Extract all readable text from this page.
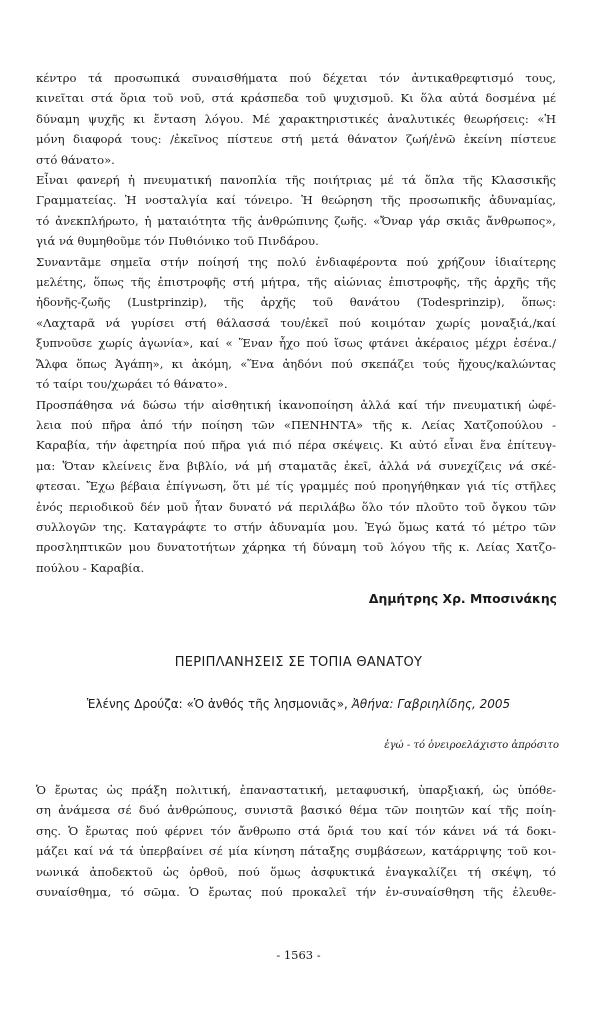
κέντρο τά προσωπικά συναισθήματα πού δέχεται τόν ἀντικαθρεφτισμό τους,
κινεῖται στά ὅρια τοῦ νοῦ, στά κράσπεδα τοῦ ψυχισμοῦ. Κι ὅλα αὐτά δοσμένα μέ
δύναμη ψυχῆς κι ἔνταση λόγου. Μέ χαρακτηριστικές ἀναλυτικές θεωρήσεις: «Ἡ
μόνη διαφορά τους: /ἐκεῖνος πίστευε στή μετά θάνατον ζωή/ἐνῶ ἐκείνη πίστευε
στό θάνατο».
Εἶναι φανερή ἡ πνευματική πανοπλία τῆς ποιήτριας μέ τά ὅπλα τῆς Κλασσικῆς
Γραμματείας. Ἡ νοσταλγία καί τόνειρο. Ἡ θεώρηση τῆς προσωπικῆς ἀδυναμίας,
τό ἀνεκπλήρωτο, ἡ ματαιότητα τῆς ἀνθρώπινης ζωῆς. «Ὄναρ γάρ σκιᾶς ἄνθρωπος»,
γιά νά θυμηθοῦμε τόν Πυθιόνικο τοῦ Πινδάρου.
Συναντᾶμε σημεῖα στήν ποίησή της πολύ ἐνδιαφέροντα πού χρήζουν ἰδιαίτερης
μελέτης, ὅπως τῆς ἐπιστροφῆς στή μήτρα, τῆς αἰώνιας ἐπιστροφῆς, τῆς ἀρχῆς τῆς
ἡδονῆς-ζωῆς (Lustprinzip), τῆς ἀρχῆς τοῦ θανάτου (Todesprinzip), ὅπως:
«Λαχταρᾶ νά γυρίσει στή θάλασσά του/ἐκεῖ πού κοιμόταν χωρίς μοναξιά,/καί
ξυπνοῦσε χωρίς ἀγωνία», καί « Ἕναν ἦχο πού ἴσως φτάνει ἀκέραιος μέχρι ἐσένα./
Ἄλφα ὅπως Ἀγάπη», κι ἀκόμη, «Ἕνα ἀηδόνι πού σκεπάζει τούς ἤχους/καλώντας
τό ταίρι του/χωράει τό θάνατο».
Προσπάθησα νά δώσω τήν αἰσθητική ἱκανοποίηση ἀλλά καί τήν πνευματική ὠφέ-
λεια πού πῆρα ἀπό τήν ποίηση τῶν «ΠΕΝΗΝΤΑ» τῆς κ. Λείας Χατζοπούλου -
Καραβία, τήν ἀφετηρία πού πῆρα γιά πιό πέρα σκέψεις. Κι αὐτό εἶναι ἕνα ἐπίτευγ-
μα: Ὅταν κλείνεις ἕνα βιβλίο, νά μή σταματᾶς ἐκεῖ, ἀλλά νά συνεχίζεις νά σκέ-
φτεσαι. Ἔχω βέβαια ἐπίγνωση, ὅτι μέ τίς γραμμές πού προηγήθηκαν γιά τίς στῆλες
ἑνός περιοδικοῦ δέν μοῦ ἦταν δυνατό νά περιλάβω ὅλο τόν πλοῦτο τοῦ ὄγκου τῶν
συλλογῶν της. Καταγράφτε το στήν ἀδυναμία μου. Ἐγώ ὅμως κατά τό μέτρο τῶν
προσληπτικῶν μου δυνατοτήτων χάρηκα τή δύναμη τοῦ λόγου τῆς κ. Λείας Χατζο-
πούλου - Καραβία.
Δημήτρης Χρ. Μποσινάκης
ΠΕΡΙΠΛΑΝΗΣΕΙΣ ΣΕ ΤΟΠΙΑ ΘΑΝΑΤΟΥ
Ἑλένης Δρούζα: «Ὁ ἀνθός τῆς λησμονιᾶς», Ἀθήνα: Γαβριηλίδης, 2005
ἐγώ - τό ὀνειροελάχιστο ἀπρόσιτο
Ὁ ἔρωτας ὡς πράξη πολιτική, ἐπαναστατική, μεταφυσική, ὑπαρξιακή, ὡς ὑπόθε-
ση ἀνάμεσα σέ δυό ἀνθρώπους, συνιστᾶ βασικό θέμα τῶν ποιητῶν καί τῆς ποίη-
σης. Ὁ ἔρωτας πού φέρνει τόν ἄνθρωπο στά ὅριά του καί τόν κάνει νά τά δοκι-
μάζει καί νά τά ὑπερβαίνει σέ μία κίνηση πάταξης συμβάσεων, κατάρριψης τοῦ κοι-
νωνικά ἀποδεκτοῦ ὡς ὀρθοῦ, πού ὅμως ἀσφυκτικά ἐναγκαλίζει τή σκέψη, τό
συναίσθημα, τό σῶμα. Ὁ ἔρωτας πού προκαλεῖ τήν ἐν-συναίσθηση τῆς ἐλευθε-
- 1563 -
